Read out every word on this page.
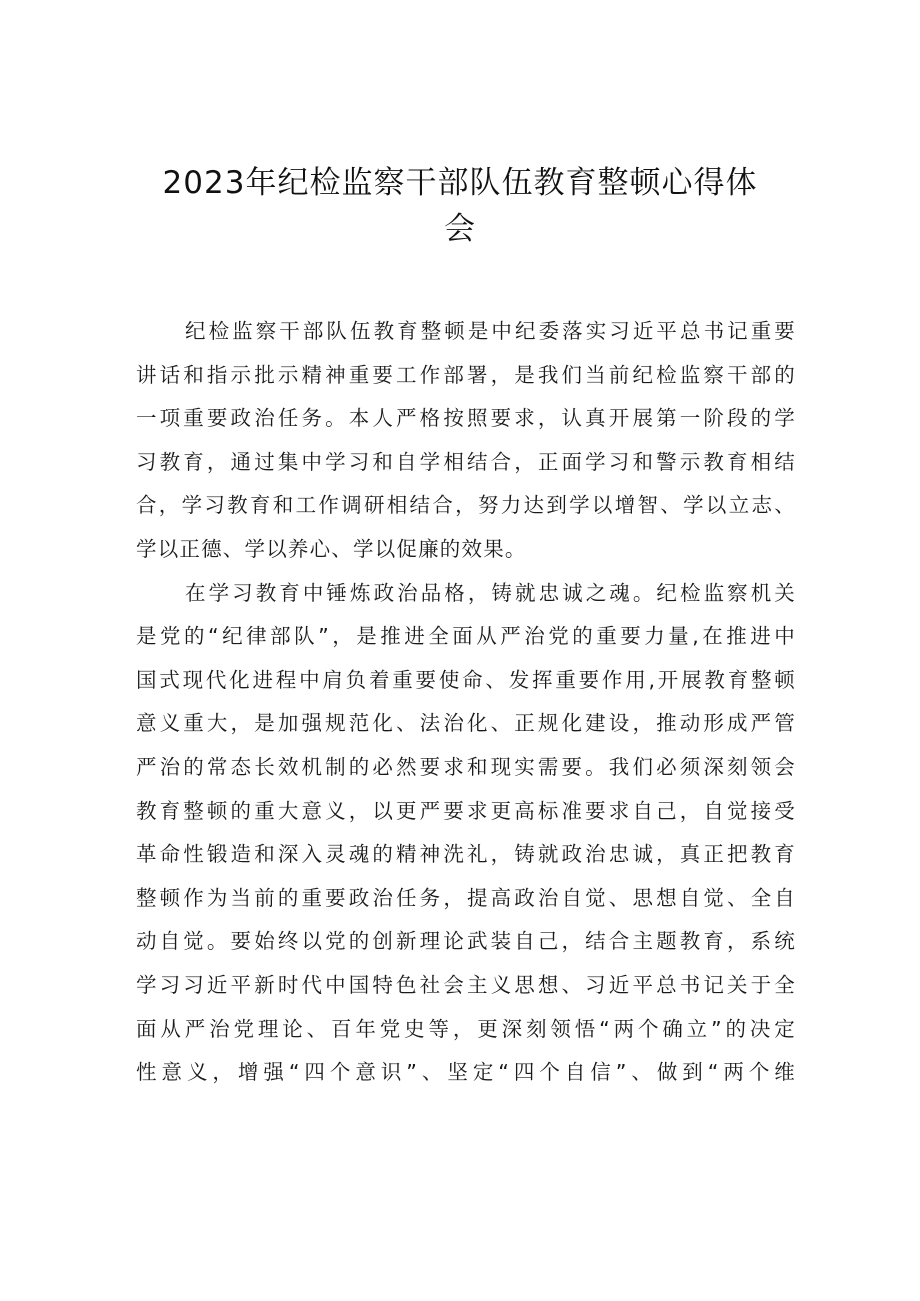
2023年纪检监察干部队伍教育整顿心得体
会
纪检监察干部队伍教育整顿是中纪委落实习近平总书记重要
讲话和指示批示精神重要工作部署，是我们当前纪检监察干部的
一项重要政治任务。本人严格按照要求，认真开展第一阶段的学
习教育，通过集中学习和自学相结合，正面学习和警示教育相结
合，学习教育和工作调研相结合，努力达到学以增智、学以立志、
学以正德、学以养心、学以促廉的效果。
在学习教育中锤炼政治品格，铸就忠诚之魂。纪检监察机关
是党的“纪律部队”，是推进全面从严治党的重要力量,在推进中
国式现代化进程中肩负着重要使命、发挥重要作用,开展教育整顿
意义重大，是加强规范化、法治化、正规化建设，推动形成严管
严治的常态长效机制的必然要求和现实需要。我们必须深刻领会
教育整顿的重大意义，以更严要求更高标准要求自己，自觉接受
革命性锻造和深入灵魂的精神洗礼，铸就政治忠诚，真正把教育
整顿作为当前的重要政治任务，提高政治自觉、思想自觉、全自
动自觉。要始终以党的创新理论武装自己，结合主题教育，系统
学习习近平新时代中国特色社会主义思想、习近平总书记关于全
面从严治党理论、百年党史等，更深刻领悟“两个确立”的决定
性意义，增强“四个意识”、坚定“四个自信”、做到“两个维
